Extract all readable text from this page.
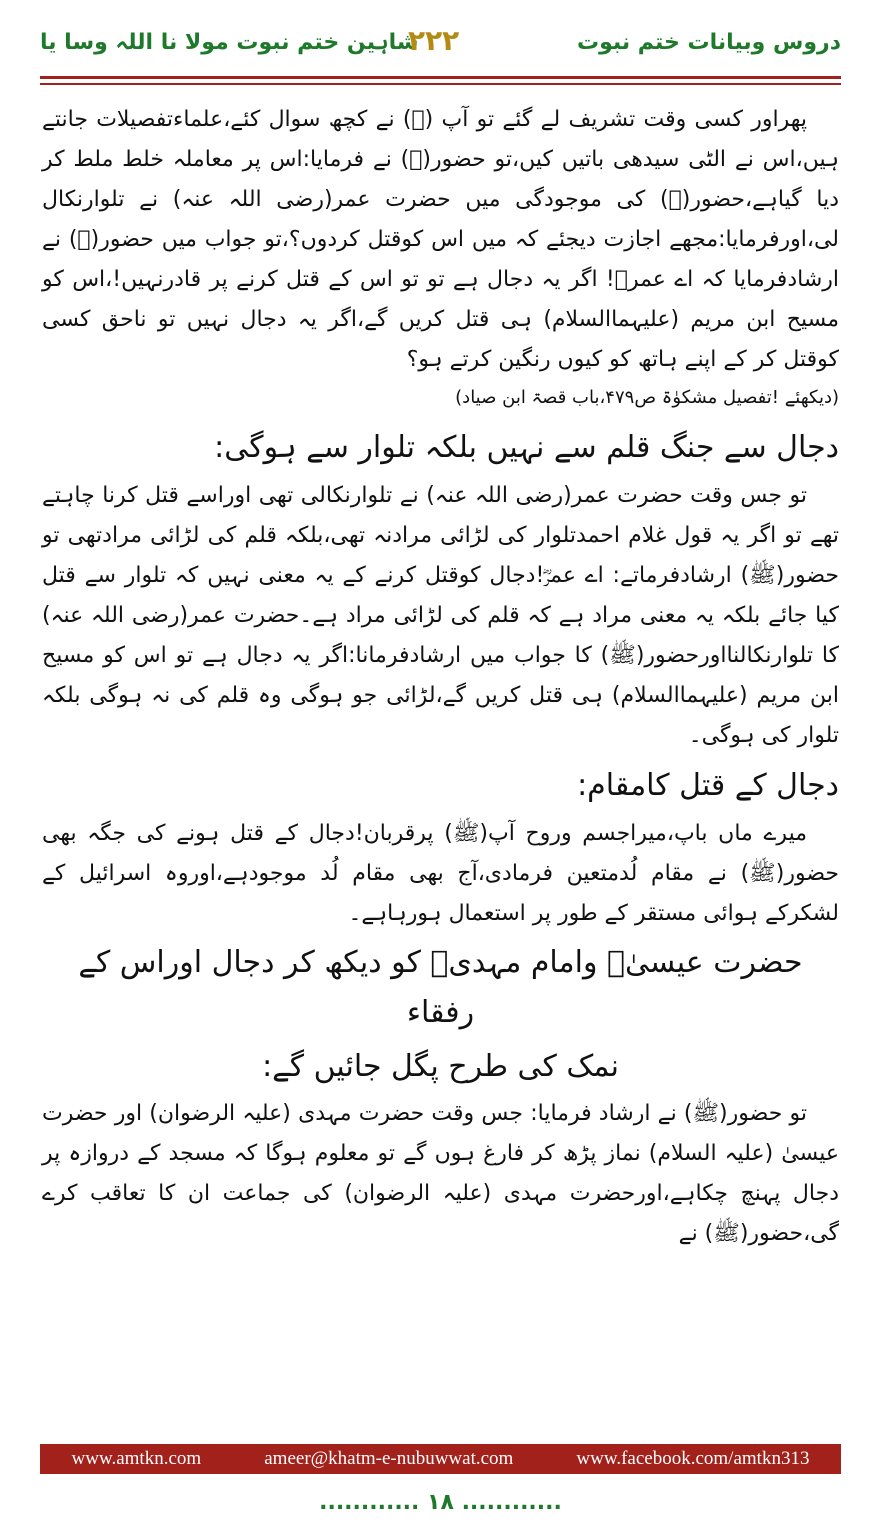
شاہین ختم نبوت مولا نا اللہ وسا یا
۲۲۲	دروس وبیانات ختم نبوت

پھراور کسی وقت تشریف لے گئے تو آپ (ﷺ) نے کچھ سوال کئے،علماءتفصیلات جانتے ہیں،اس نے الٹی سیدھی باتیں کیں،تو حضور(ﷺ) نے فرمایا:اس پر معاملہ خلط ملط کر دیا گیاہے،حضور(ﷺ) کی موجودگی میں حضرت عمر(رضی اللہ عنہ) نے تلوارنکال لی،اورفرمایا:مجھے اجازت دیجئے کہ میں اس کوقتل کردوں؟،تو جواب میں حضور(ﷺ) نے ارشادفرمایا کہ اے عمرؓ! اگر یہ دجال ہے تو تو اس کے قتل کرنے پر قادرنہیں!،اس کو مسیح ابن مریم (علیہماالسلام) ہی قتل کریں گے،اگر یہ دجال نہیں تو ناحق کسی کوقتل کر کے اپنے ہاتھ کو کیوں رنگین کرتے ہو؟

(دیکھئے !تفصیل مشکوٰۃ ص۴۷۹،باب قصۃ ابن صیاد)

دجال سے جنگ قلم سے نہیں بلکہ تلوار سے ہوگی:

تو جس وقت حضرت عمر(رضی اللہ عنہ) نے تلوارنکالی تھی اوراسے قتل کرنا چاہتے تھے تو اگر یہ قول غلام احمدتلوار کی لڑائی مرادنہ تھی،بلکہ قلم کی لڑائی مرادتھی تو حضور(ﷺ) ارشادفرماتے: اے عمرؓ!دجال کوقتل کرنے کے یہ معنی نہیں کہ تلوار سے قتل کیا جائے بلکہ یہ معنی مراد ہے کہ قلم کی لڑائی مراد ہے۔حضرت عمر(رضی اللہ عنہ) کا تلوارنکالنااورحضور(ﷺ) کا جواب میں ارشادفرمانا:اگر یہ دجال ہے تو اس کو مسیح ابن مریم (علیہماالسلام) ہی قتل کریں گے،لڑائی جو ہوگی وہ قلم کی نہ ہوگی بلکہ تلوار کی ہوگی۔

دجال کے قتل کامقام:

میرے ماں باپ،میراجسم وروح آپ(ﷺ) پرقربان!دجال کے قتل ہونے کی جگہ بھی حضور(ﷺ) نے مقام لُدمتعین فرمادی،آج بھی مقام لُد موجودہے،اوروہ اسرائیل کے لشکرکے ہوائی مستقر کے طور پر استعمال ہورہاہے۔

حضرت عیسیٰؑ وامام مہدیؑ کو دیکھ کر دجال اوراس کے رفقاء
نمک کی طرح پگل جائیں گے:

تو حضور(ﷺ) نے ارشاد فرمایا: جس وقت حضرت مہدی (علیہ الرضوان) اور حضرت عیسیٰ (علیہ السلام) نماز پڑھ کر فارغ ہوں گے تو معلوم ہوگا کہ مسجد کے دروازہ پر دجال پہنچ چکاہے،اورحضرت مہدی (علیہ الرضوان) کی جماعت ان کا تعاقب کرے گی،حضور(ﷺ) نے

www.amtkn.com	ameer@khatm-e-nubuwwat.com	www.facebook.com/amtkn313
............ ۱۸ ............
